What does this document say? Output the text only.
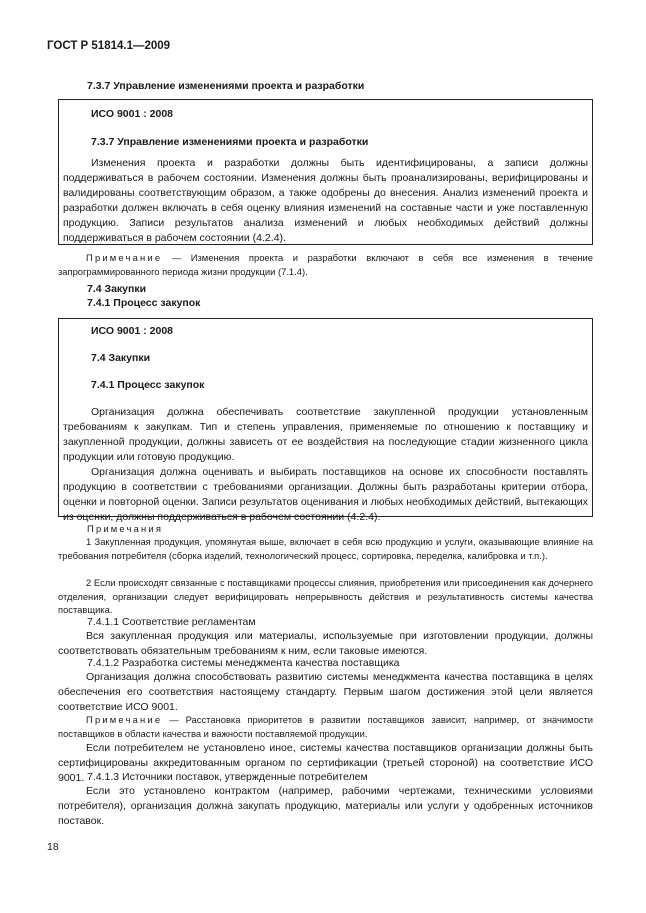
ГОСТ Р 51814.1—2009
7.3.7 Управление изменениями проекта и разработки
ИСО 9001 : 2008
7.3.7 Управление изменениями проекта и разработки
Изменения проекта и разработки должны быть идентифицированы, а записи должны поддерживаться в рабочем состоянии. Изменения должны быть проанализированы, верифицированы и валидированы соответствующим образом, а также одобрены до внесения. Анализ изменений проекта и разработки должен включать в себя оценку влияния изменений на составные части и уже поставленную продукцию. Записи результатов анализа изменений и любых необходимых действий должны поддерживаться в рабочем состоянии (4.2.4).
Примечание — Изменения проекта и разработки включают в себя все изменения в течение запрограммированного периода жизни продукции (7.1.4).
7.4 Закупки
7.4.1 Процесс закупок
ИСО 9001 : 2008
7.4 Закупки
7.4.1 Процесс закупок
Организация должна обеспечивать соответствие закупленной продукции установленным требованиям к закупкам. Тип и степень управления, применяемые по отношению к поставщику и закупленной продукции, должны зависеть от ее воздействия на последующие стадии жизненного цикла продукции или готовую продукцию.
Организация должна оценивать и выбирать поставщиков на основе их способности поставлять продукцию в соответствии с требованиями организации. Должны быть разработаны критерии отбора, оценки и повторной оценки. Записи результатов оценивания и любых необходимых действий, вытекающих из оценки, должны поддерживаться в рабочем состоянии (4.2.4).
Примечания
1 Закупленная продукция, упомянутая выше, включает в себя всю продукцию и услуги, оказывающие влияние на требования потребителя (сборка изделий, технологический процесс, сортировка, переделка, калибровка и т.п.).
2 Если происходят связанные с поставщиками процессы слияния, приобретения или присоединения как дочернего отделения, организации следует верифицировать непрерывность действия и результативность системы качества поставщика.
7.4.1.1 Соответствие регламентам
Вся закупленная продукция или материалы, используемые при изготовлении продукции, должны соответствовать обязательным требованиям к ним, если таковые имеются.
7.4.1.2 Разработка системы менеджмента качества поставщика
Организация должна способствовать развитию системы менеджмента качества поставщика в целях обеспечения его соответствия настоящему стандарту. Первым шагом достижения этой цели является соответствие ИСО 9001.
Примечание — Расстановка приоритетов в развитии поставщиков зависит, например, от значимости поставщиков в области качества и важности поставляемой продукции.
Если потребителем не установлено иное, системы качества поставщиков организации должны быть сертифицированы аккредитованным органом по сертификации (третьей стороной) на соответствие ИСО 9001. 7.4.1.3 Источники поставок, утвержденные потребителем
Если это установлено контрактом (например, рабочими чертежами, техническими условиями потребителя), организация должна закупать продукцию, материалы или услуги у одобренных источников поставок.
18
